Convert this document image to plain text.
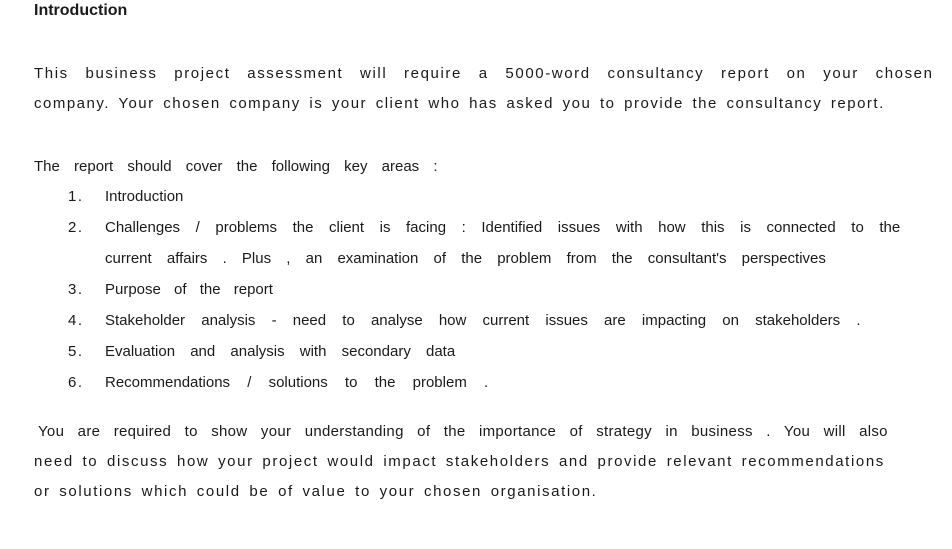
Introduction
This business project assessment will require a 5000-word consultancy report on your chosen
company. Your chosen company is your client who has asked you to provide the consultancy report.
The report should cover the following key areas :
1.	Introduction
2.	Challenges / problems the client is facing : Identified issues with how this is connected to the
current affairs . Plus , an examination of the problem from the consultant's perspectives
3.	Purpose of the report
4.	Stakeholder analysis - need to analyse how current issues are impacting on stakeholders .
5.	Evaluation and analysis with secondary data
6.	Recommendations / solutions to the problem .
You are required to show your understanding of the importance of strategy in business . You will also
need to discuss how your project would impact stakeholders and provide relevant recommendations
or solutions which could be of value to your chosen organisation.
